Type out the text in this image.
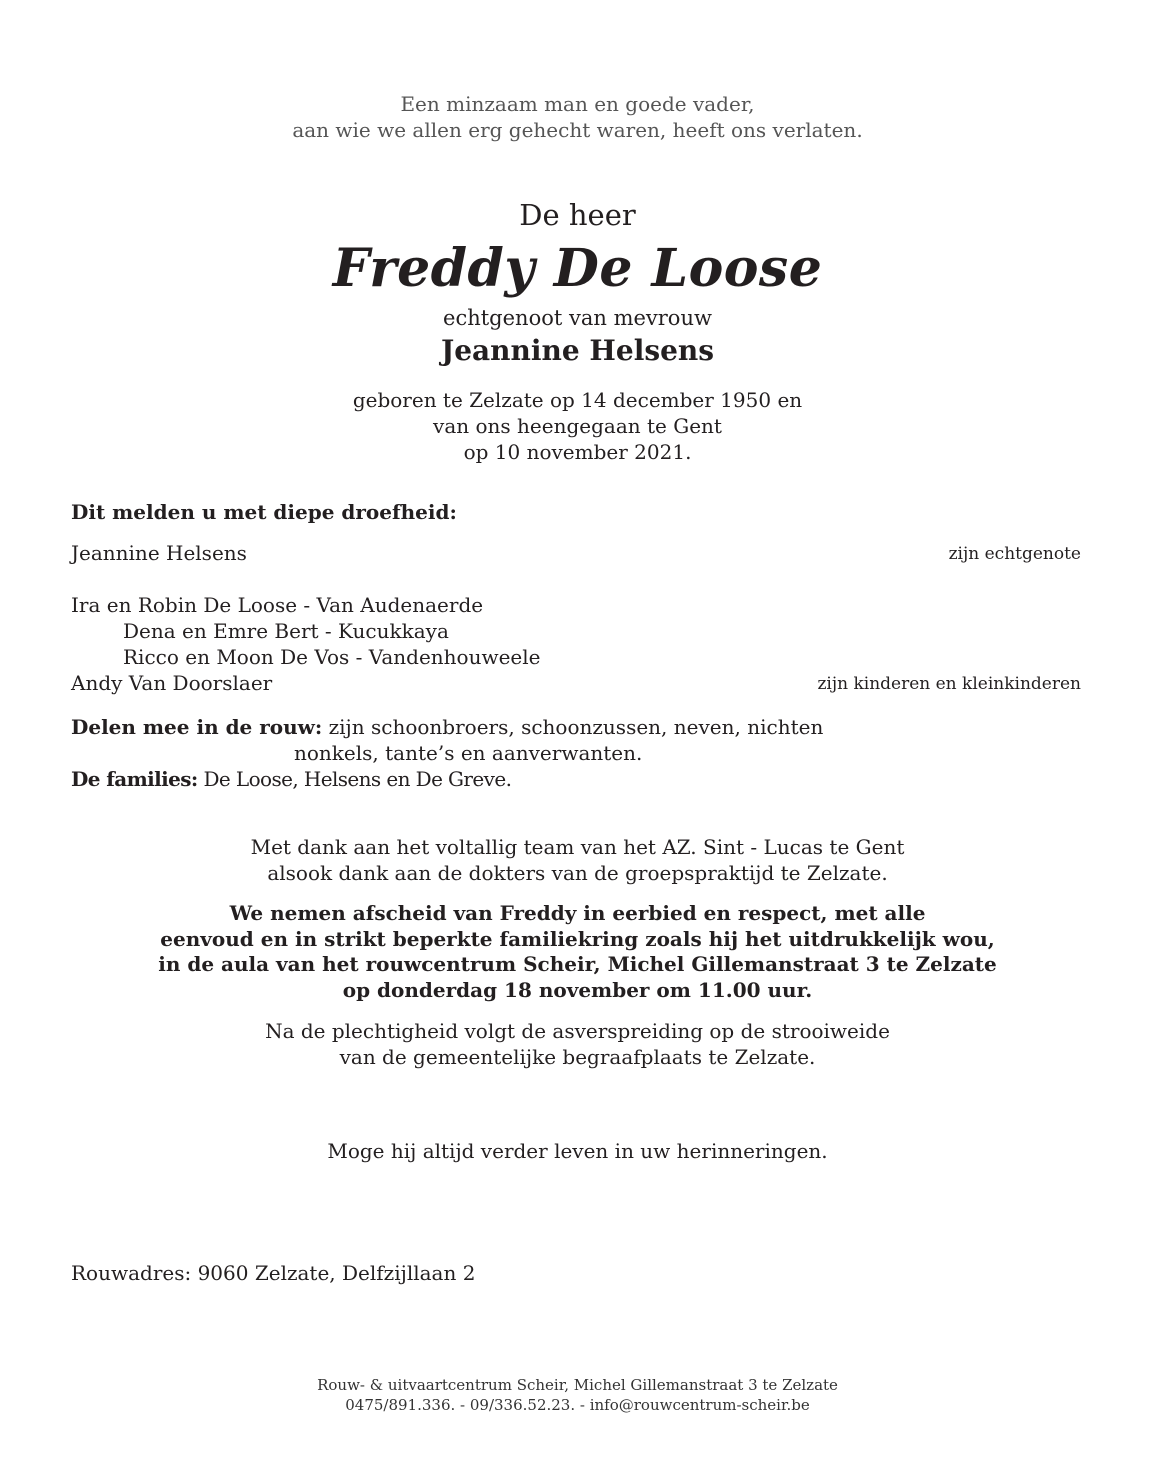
Een minzaam man en goede vader,
aan wie we allen erg gehecht waren, heeft ons verlaten.
De heer
Freddy De Loose
echtgenoot van mevrouw
Jeannine Helsens
geboren te Zelzate op 14 december 1950 en
van ons heengegaan te Gent
op 10 november 2021.
Dit melden u met diepe droefheid:
Jeannine Helsens	zijn echtgenote
Ira en Robin De Loose - Van Audenaerde
Dena en Emre Bert - Kucukkaya
Ricco en Moon De Vos - Vandenhouweele
Andy Van Doorslaer	zijn kinderen en kleinkinderen
Delen mee in de rouw: zijn schoonbroers, schoonzussen, neven, nichten
nonkels, tante’s en aanverwanten.
De families: De Loose, Helsens en De Greve.
Met dank aan het voltallig team van het AZ. Sint - Lucas te Gent
alsook dank aan de dokters van de groepspraktijd te Zelzate.
We nemen afscheid van Freddy in eerbied en respect, met alle
eenvoud en in strikt beperkte familiekring zoals hij het uitdrukkelijk wou,
in de aula van het rouwcentrum Scheir, Michel Gillemanstraat 3 te Zelzate
op donderdag 18 november om 11.00 uur.
Na de plechtigheid volgt de asverspreiding op de strooiweide
van de gemeentelijke begraafplaats te Zelzate.
Moge hij altijd verder leven in uw herinneringen.
Rouwadres: 9060 Zelzate, Delfzijllaan 2
Rouw- & uitvaartcentrum Scheir, Michel Gillemanstraat 3 te Zelzate
0475/891.336. - 09/336.52.23. - info@rouwcentrum-scheir.be
